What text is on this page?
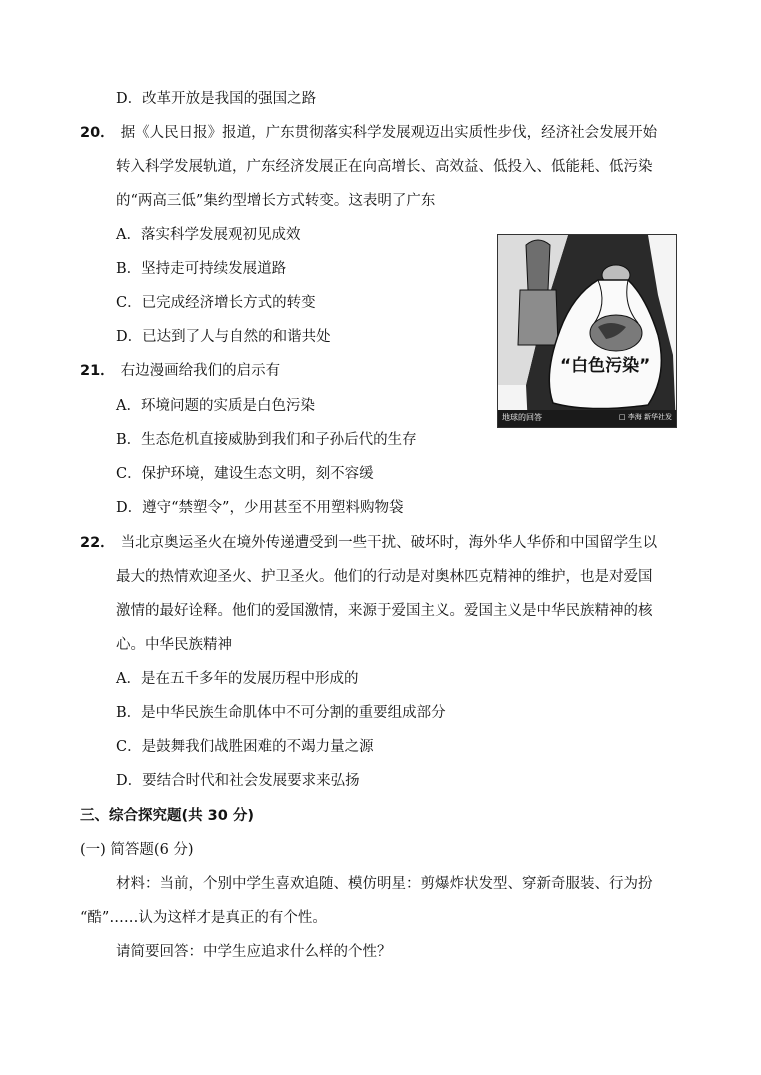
D．改革开放是我国的强国之路
20． 据《人民日报》报道，广东贯彻落实科学发展观迈出实质性步伐，经济社会发展开始
转入科学发展轨道，广东经济发展正在向高增长、高效益、低投入、低能耗、低污染
的“两高三低”集约型增长方式转变。这表明了广东
A．落实科学发展观初见成效
B．坚持走可持续发展道路
C．已完成经济增长方式的转变
D．已达到了人与自然的和谐共处
21． 右边漫画给我们的启示有
A．环境问题的实质是白色污染
B．生态危机直接威胁到我们和子孙后代的生存
C．保护环境，建设生态文明，刻不容缓
D．遵守“禁塑令”，少用甚至不用塑料购物袋
“白色污染”
地球的回答	□ 李海 新华社发
22． 当北京奥运圣火在境外传递遭受到一些干扰、破坏时，海外华人华侨和中国留学生以
最大的热情欢迎圣火、护卫圣火。他们的行动是对奥林匹克精神的维护，也是对爱国
激情的最好诠释。他们的爱国激情，来源于爱国主义。爱国主义是中华民族精神的核
心。中华民族精神
A．是在五千多年的发展历程中形成的
B．是中华民族生命肌体中不可分割的重要组成部分
C．是鼓舞我们战胜困难的不竭力量之源
D．要结合时代和社会发展要求来弘扬
三、综合探究题(共 30 分)
(一) 简答题(6 分)
材料：当前，个别中学生喜欢追随、模仿明星：剪爆炸状发型、穿新奇服装、行为扮
“酷”……认为这样才是真正的有个性。
请简要回答：中学生应追求什么样的个性？
